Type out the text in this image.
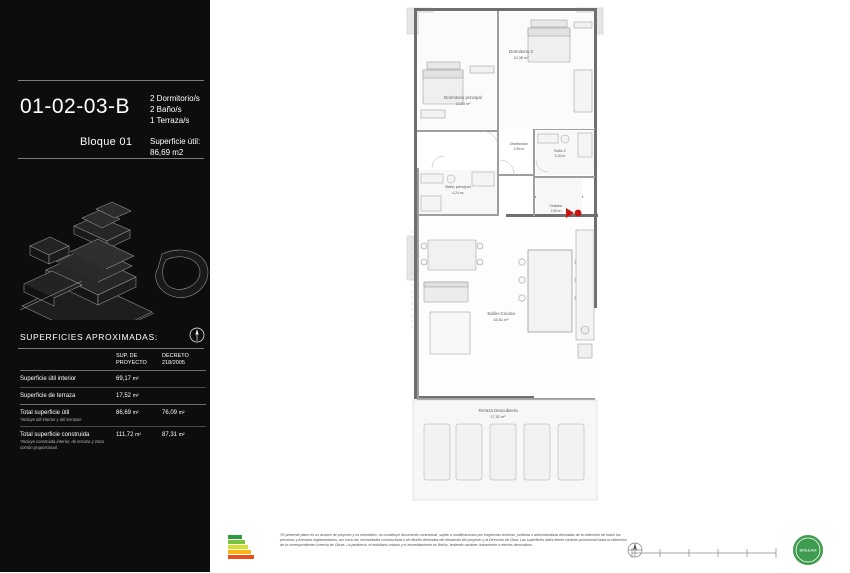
01-02-03-B
Bloque 01
2 Dormitorio/s
2 Baño/s
1 Terraza/s
Superficie útil:
86,69 m2
SUPERFICIES APROXIMADAS:
	SUP. DE PROYECTO	DECRETO 218/2005

Superficie útil interior	69,17 m²	

Superficie de terraza	17,52 m²	

Total superficie útil
*Incluye útil interior y útil terrazas	86,69 m²	76,09 m²

Total superficie construida
*Incluye construida interior, de terraza y zona común proporcional.	111,72 m²	87,31 m²
Dormitorio 2
10,36 m²
Dormitorio principal
13,53 m²
Distribuidor
1,96 m²	Baño 2
3,18 m²
Baño principal
4,24 m²
Vestidor
2,96 m²
Salón-Cocina
34,61 m²
Terraza Descubierta
17,52 m²
*El presente plano es un avance de proyecto y es orientativo, no constituye documento contractual, sujeto a modificaciones por exigencias técnicas, jurídicas o administrativas derivadas de la obtención de todos los permisos y licencias reglamentarios, así como las necesidades constructivas o de diseño derivadas del desarrollo del proyecto y la Dirección de Obra. Las superficies útiles tienen carácter provisional hasta la obtención de la correspondiente Licencia de Obras. La jardinería, el mobiliario urbano y el amueblamiento es ficticio, teniendo carácter únicamente a efectos decorativos.
BREEAM
